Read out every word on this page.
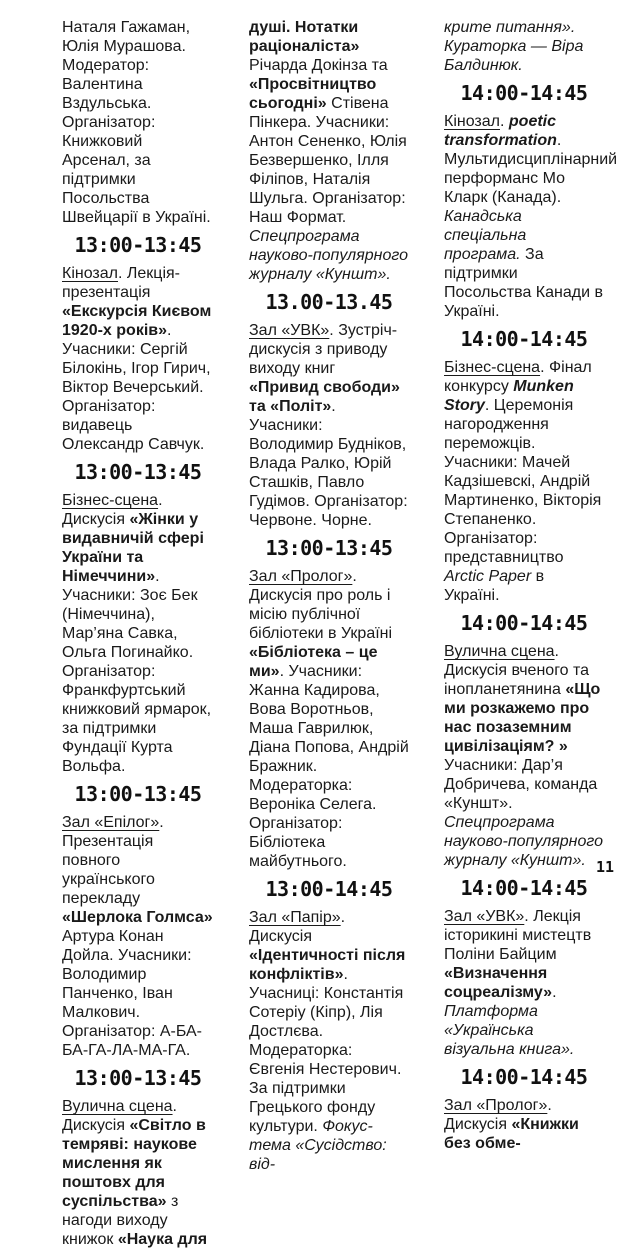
Наталя Гажаман, Юлія Мурашова. Модератор: Валентина Вздульська. Організатор: Книжковий Арсенал, за підтримки Посольства Швейцарії в Україні.

13:00-13:45

Кінозал. Лекція-презентація «Екскурсія Києвом 1920-х років». Учасники: Сергій Білокінь, Ігор Гирич, Віктор Вечерський. Організатор: видавець Олександр Савчук.

13:00-13:45

Бізнес-сцена. Дискусія «Жінки у видавничій сфері України та Німеччини». Учасники: Зоє Бек (Німеччина), Мар’яна Савка, Ольга Погинайко. Організатор: Франкфуртський книжковий ярмарок, за підтримки Фундації Курта Вольфа.

13:00-13:45

Зал «Епілог». Презентація повного українського перекладу «Шерлока Голмса» Артура Конан Дойла. Учасники: Володимир Панченко, Іван Малкович. Організатор: А-БА-БА-ГА-ЛА-МА-ГА.

13:00-13:45

Вулична сцена. Дискусія «Світло в темряві: наукове мислення як поштовх для суспільства» з нагоди виходу книжок «Наука для

душі. Нотатки раціоналіста» Річарда Докінза та «Просвітництво сьогодні» Стівена Пінкера. Учасники: Антон Сененко, Юлія Безвершенко, Ілля Філіпов, Наталія Шульга. Організатор: Наш Формат. Спецпрограма науково-популярного журналу «Куншт».

13.00-13.45

Зал «УВК». Зустріч-дискусія з приводу виходу книг «Привид свободи» та «Політ». Учасники: Володимир Будніков, Влада Ралко, Юрій Сташків, Павло Гудімов. Організатор: Червоне. Чорне.

13:00-13:45

Зал «Пролог». Дискусія про роль і місію публічної бібліотеки в Україні «Бібліотека – це ми». Учасники: Жанна Кадирова, Вова Воротньов, Маша Гаврилюк, Діана Попова, Андрій Бражник. Модераторка: Вероніка Селега. Організатор: Бібліотека майбутнього.

13:00-14:45

Зал «Папір». Дискусія «Ідентичності після конфліктів». Учасниці: Константія Сотеріу (Кіпр), Лія Достлєва. Модераторка: Євгенія Нестерович. За підтримки Грецького фонду культури. Фокус-тема «Сусідство: від-

крите питання». Кураторка — Віра Балдинюк.

14:00-14:45

Кінозал. poetic transformation. Мультидисциплінарний перформанс Мо Кларк (Канада). Канадська спеціальна програма. За підтримки Посольства Канади в Україні.

14:00-14:45

Бізнес-сцена. Фінал конкурсу Munken Story. Церемонія нагородження переможців. Учасники: Мачей Кадзішевскі, Андрій Мартиненко, Вікторія Степаненко. Організатор: представництво Arctic Paper в Україні.

14:00-14:45

Вулична сцена. Дискусія вченого та інопланетянина «Що ми розкажемо про нас позаземним цивілізаціям? » Учасники: Дар’я Добричева, команда «Куншт». Спецпрограма науково-популярного журналу «Куншт».

14:00-14:45

Зал «УВК». Лекція історикині мистецтв Поліни Байцим «Визначення соцреалізму». Платформа «Українська візуальна книга».

14:00-14:45

Зал «Пролог». Дискусія «Книжки без обме-

11
